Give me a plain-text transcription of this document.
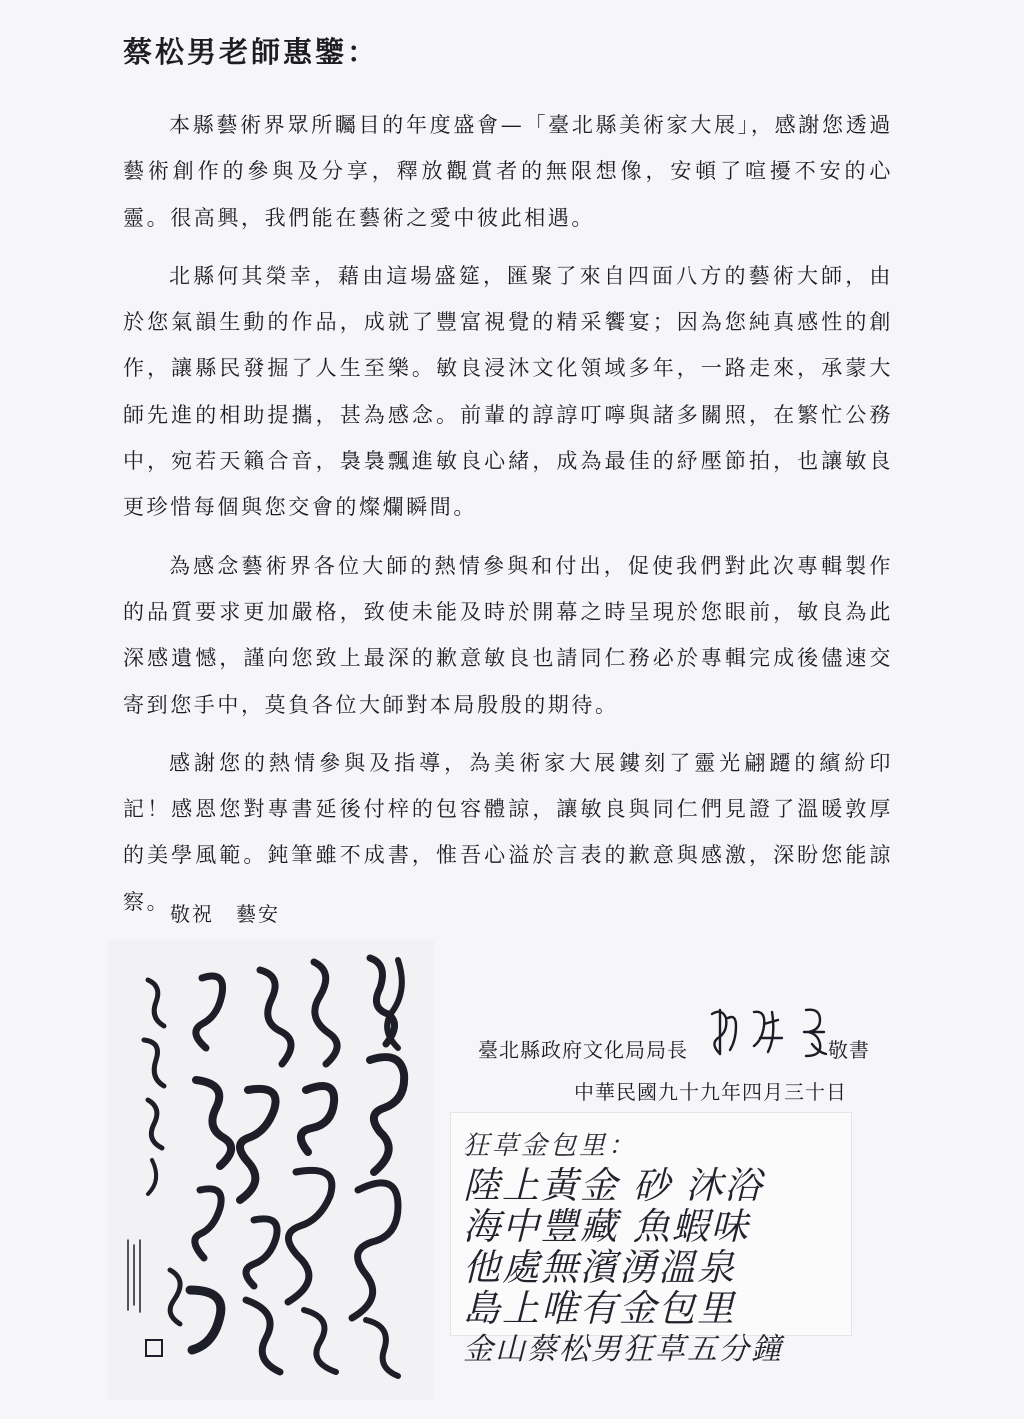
蔡松男老師惠鑒：

本縣藝術界眾所矚目的年度盛會—「臺北縣美術家大展」，感謝您透過藝術創作的參與及分享，釋放觀賞者的無限想像，安頓了喧擾不安的心靈。很高興，我們能在藝術之愛中彼此相遇。

北縣何其榮幸，藉由這場盛筵，匯聚了來自四面八方的藝術大師，由於您氣韻生動的作品，成就了豐富視覺的精采饗宴；因為您純真感性的創作，讓縣民發掘了人生至樂。敏良浸沐文化領域多年，一路走來，承蒙大師先進的相助提攜，甚為感念。前輩的諄諄叮嚀與諸多關照，在繁忙公務中，宛若天籟合音，裊裊飄進敏良心緒，成為最佳的紓壓節拍，也讓敏良更珍惜每個與您交會的燦爛瞬間。

為感念藝術界各位大師的熱情參與和付出，促使我們對此次專輯製作的品質要求更加嚴格，致使未能及時於開幕之時呈現於您眼前，敏良為此深感遺憾，謹向您致上最深的歉意敏良也請同仁務必於專輯完成後儘速交寄到您手中，莫負各位大師對本局殷殷的期待。

感謝您的熱情參與及指導，為美術家大展鏤刻了靈光翩躚的繽紛印記！感恩您對專書延後付梓的包容體諒，讓敏良與同仁們見證了溫暖敦厚的美學風範。鈍筆雖不成書，惟吾心溢於言表的歉意與感激，深盼您能諒察。

敬祝　藝安
臺北縣政府文化局局長	敬書
中華民國九十九年四月三十日
狂草金包里：
陸上黃金 砂 沐浴
海中豐藏 魚蝦味
他處無濱湧溫泉
島上唯有金包里
金山蔡松男狂草五分鐘
